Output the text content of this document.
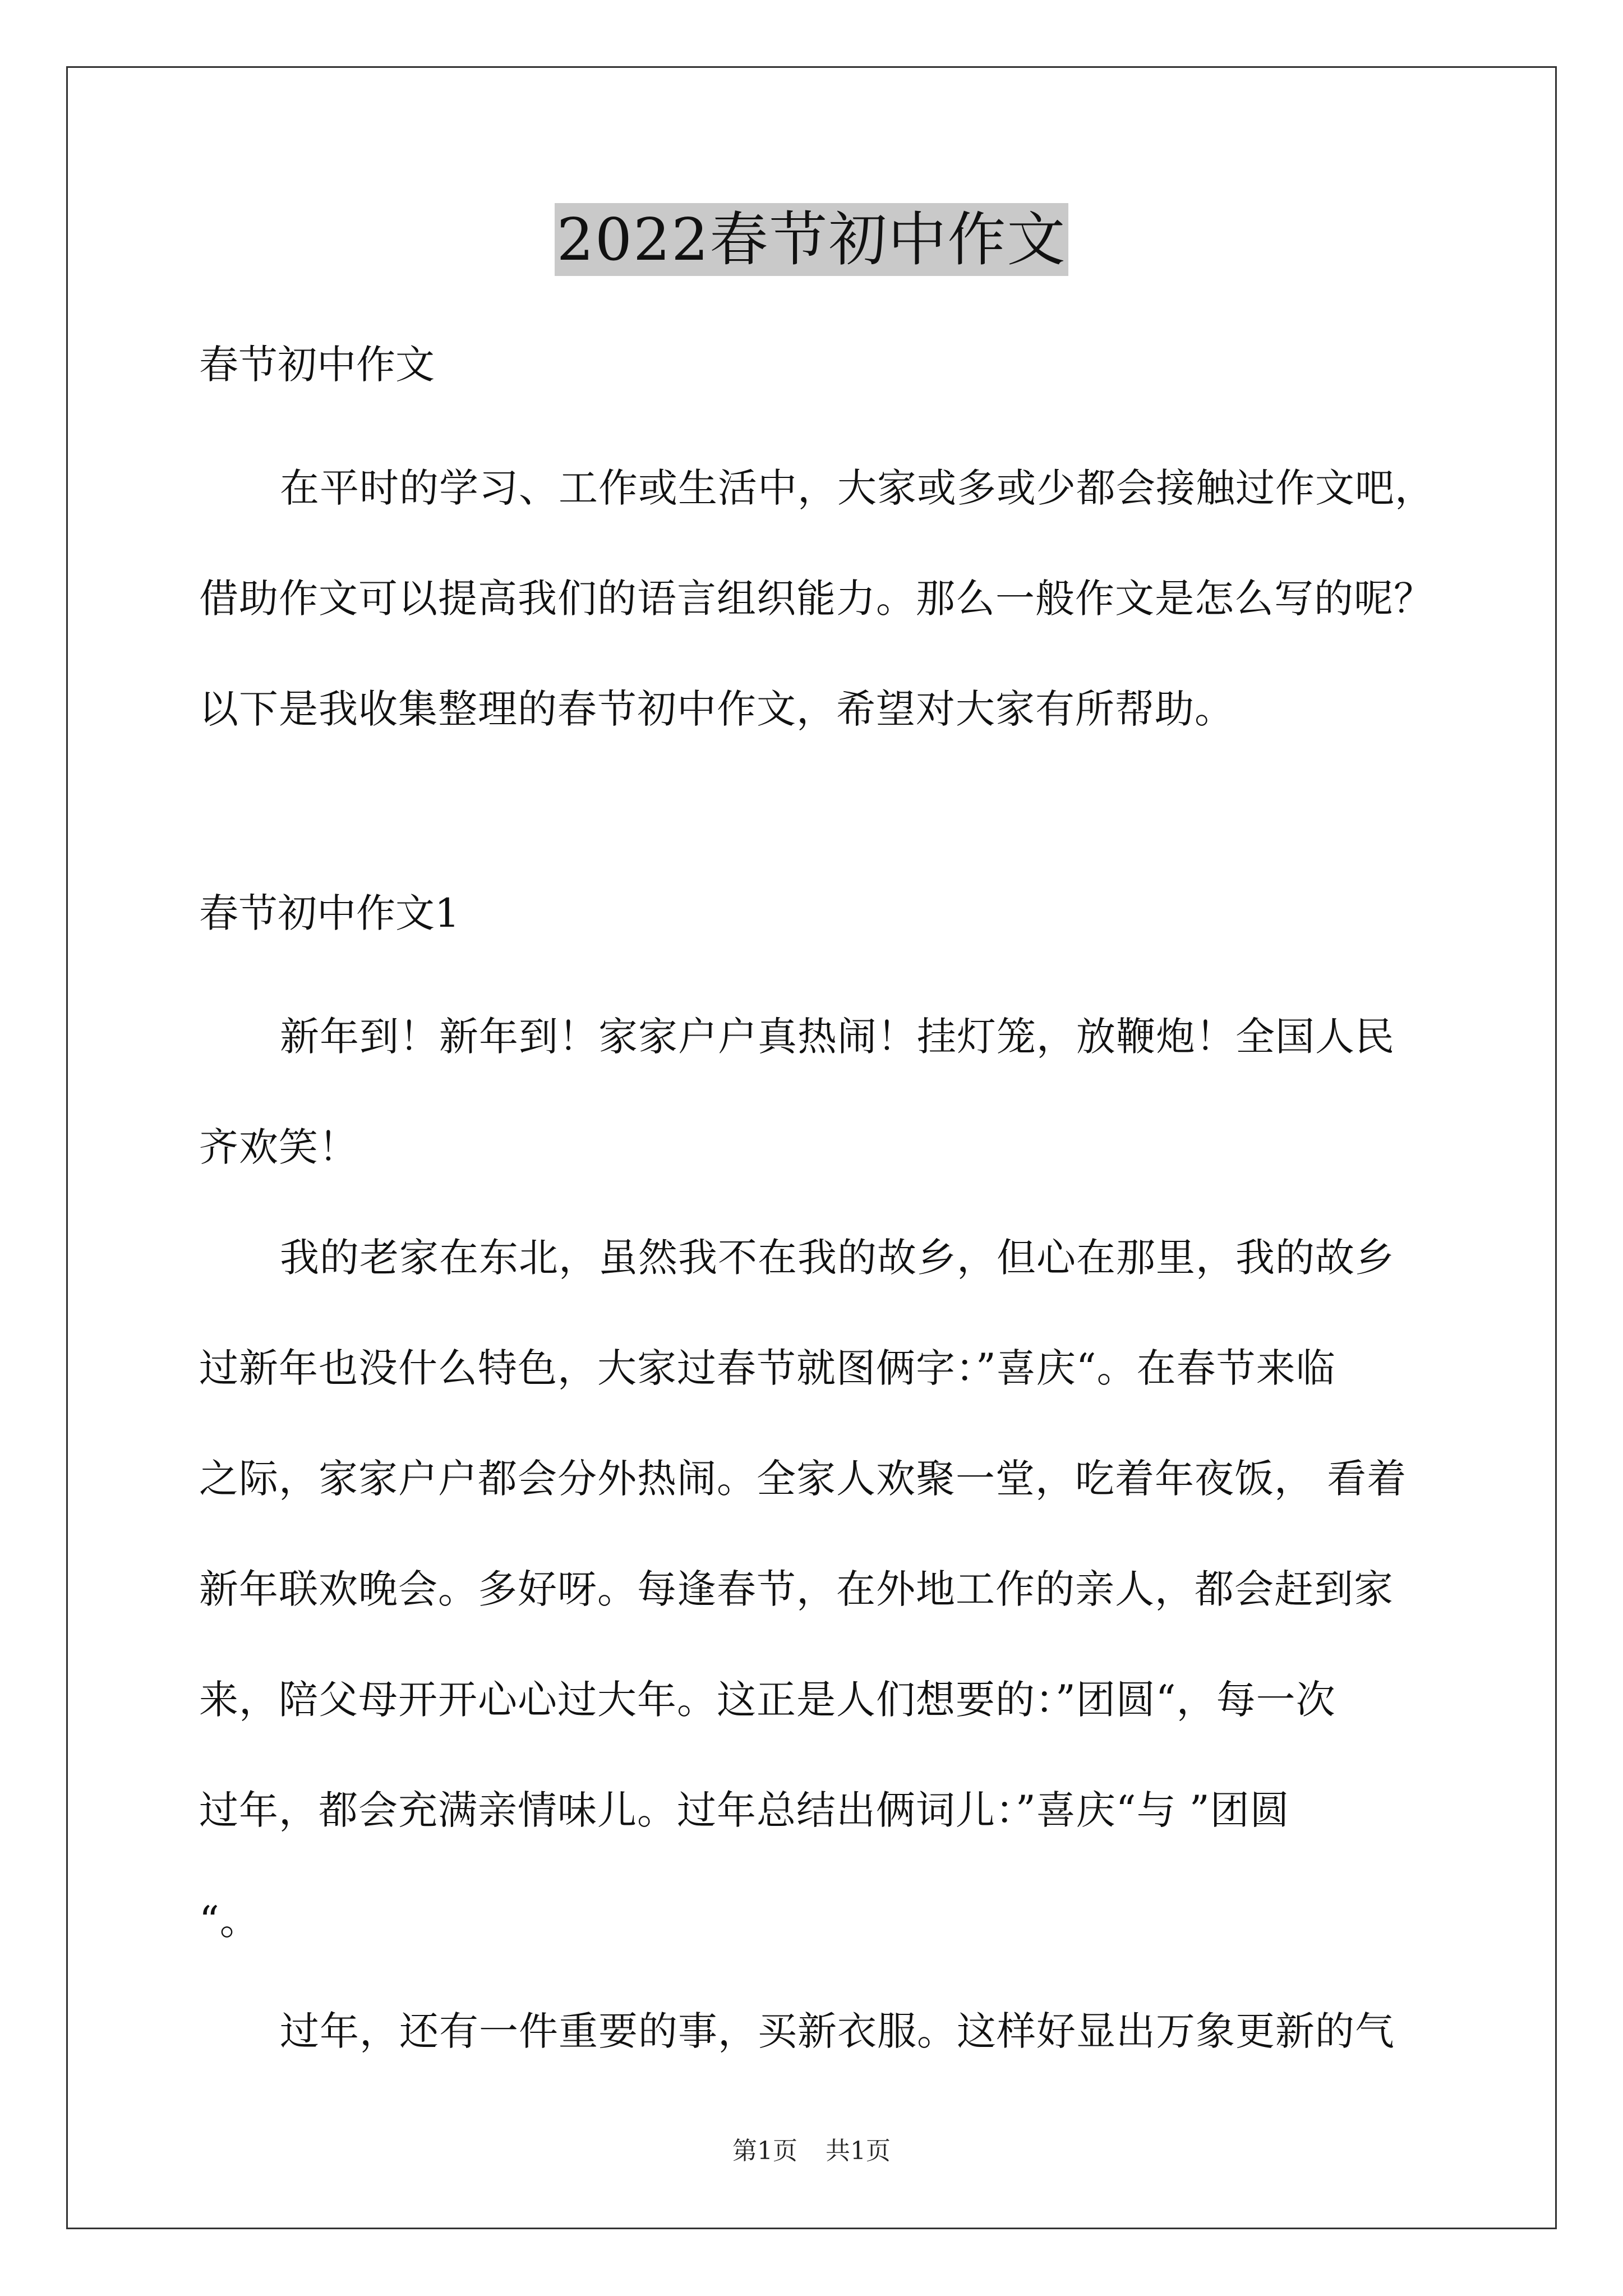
2022春节初中作文

春节初中作文

在平时的学习、工作或生活中，大家或多或少都会接触过作文吧，
借助作文可以提高我们的语言组织能力。那么一般作文是怎么写的呢？
以下是我收集整理的春节初中作文，希望对大家有所帮助。

春节初中作文1

新年到！新年到！家家户户真热闹！挂灯笼，放鞭炮！全国人民
齐欢笑！

我的老家在东北，虽然我不在我的故乡，但心在那里，我的故乡
过新年也没什么特色，大家过春节就图俩字：”喜庆“。在春节来临
之际，家家户户都会分外热闹。全家人欢聚一堂，吃着年夜饭， 看着
新年联欢晚会。多好呀。每逢春节，在外地工作的亲人，都会赶到家
来，陪父母开开心心过大年。这正是人们想要的：”团圆“，每一次
过年，都会充满亲情味儿。过年总结出俩词儿：”喜庆“与 ”团圆
“。

过年，还有一件重要的事，买新衣服。这样好显出万象更新的气

第1页 共1页
